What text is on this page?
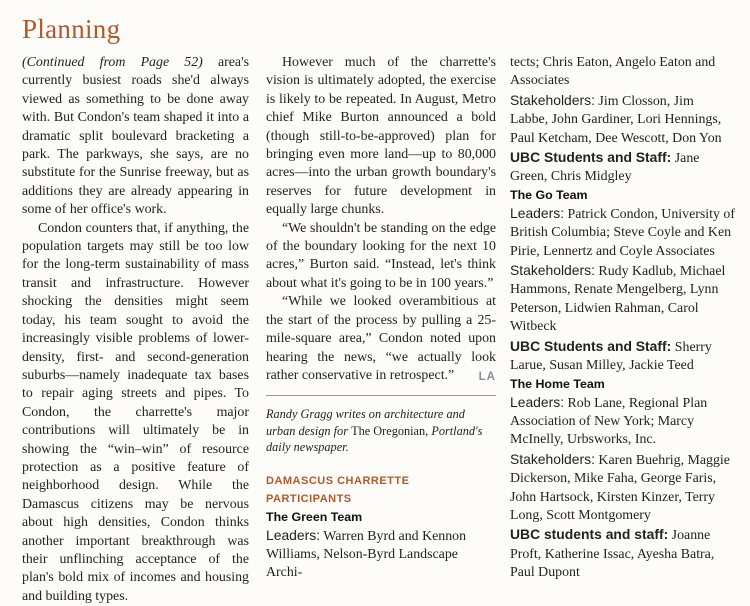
Planning

(Continued from Page 52) area's currently busiest roads she'd always viewed as something to be done away with. But Condon's team shaped it into a dramatic split boulevard bracketing a park. The parkways, she says, are no substitute for the Sunrise freeway, but as additions they are already appearing in some of her office's work.

Condon counters that, if anything, the population targets may still be too low for the long-term sustainability of mass transit and infrastructure. However shocking the densities might seem today, his team sought to avoid the increasingly visible problems of lower-density, first- and second-generation suburbs—namely inadequate tax bases to repair aging streets and pipes. To Condon, the charrette's major contributions will ultimately be in showing the “win–win” of resource protection as a positive feature of neighborhood design. While the Damascus citizens may be nervous about high densities, Condon thinks another important breakthrough was their unflinching acceptance of the plan's bold mix of incomes and housing and building types.

However much of the charrette's vision is ultimately adopted, the exercise is likely to be repeated. In August, Metro chief Mike Burton announced a bold (though still-to-be-approved) plan for bringing even more land—up to 80,000 acres—into the urban growth boundary's reserves for future development in equally large chunks.

“We shouldn't be standing on the edge of the boundary looking for the next 10 acres,” Burton said. “Instead, let's think about what it's going to be in 100 years.”

“While we looked overambitious at the start of the process by pulling a 25-mile-square area,” Condon noted upon hearing the news, “we actually look rather conservative in retrospect.”	LA

Randy Gragg writes on architecture and urban design for The Oregonian, Portland's daily newspaper.

DAMASCUS CHARRETTE PARTICIPANTS
The Green Team

Leaders: Warren Byrd and Kennon Williams, Nelson-Byrd Landscape Archi-

tects; Chris Eaton, Angelo Eaton and Associates

Stakeholders: Jim Closson, Jim Labbe, John Gardiner, Lori Hennings, Paul Ketcham, Dee Wescott, Don Yon

UBC Students and Staff: Jane Green, Chris Midgley

The Go Team

Leaders: Patrick Condon, University of British Columbia; Steve Coyle and Ken Pirie, Lennertz and Coyle Associates

Stakeholders: Rudy Kadlub, Michael Hammons, Renate Mengelberg, Lynn Peterson, Lidwien Rahman, Carol Witbeck

UBC Students and Staff: Sherry Larue, Susan Milley, Jackie Teed

The Home Team

Leaders: Rob Lane, Regional Plan Association of New York; Marcy McInelly, Urbsworks, Inc.

Stakeholders: Karen Buehrig, Maggie Dickerson, Mike Faha, George Faris, John Hartsock, Kirsten Kinzer, Terry Long, Scott Montgomery

UBC students and staff: Joanne Proft, Katherine Issac, Ayesha Batra, Paul Dupont
